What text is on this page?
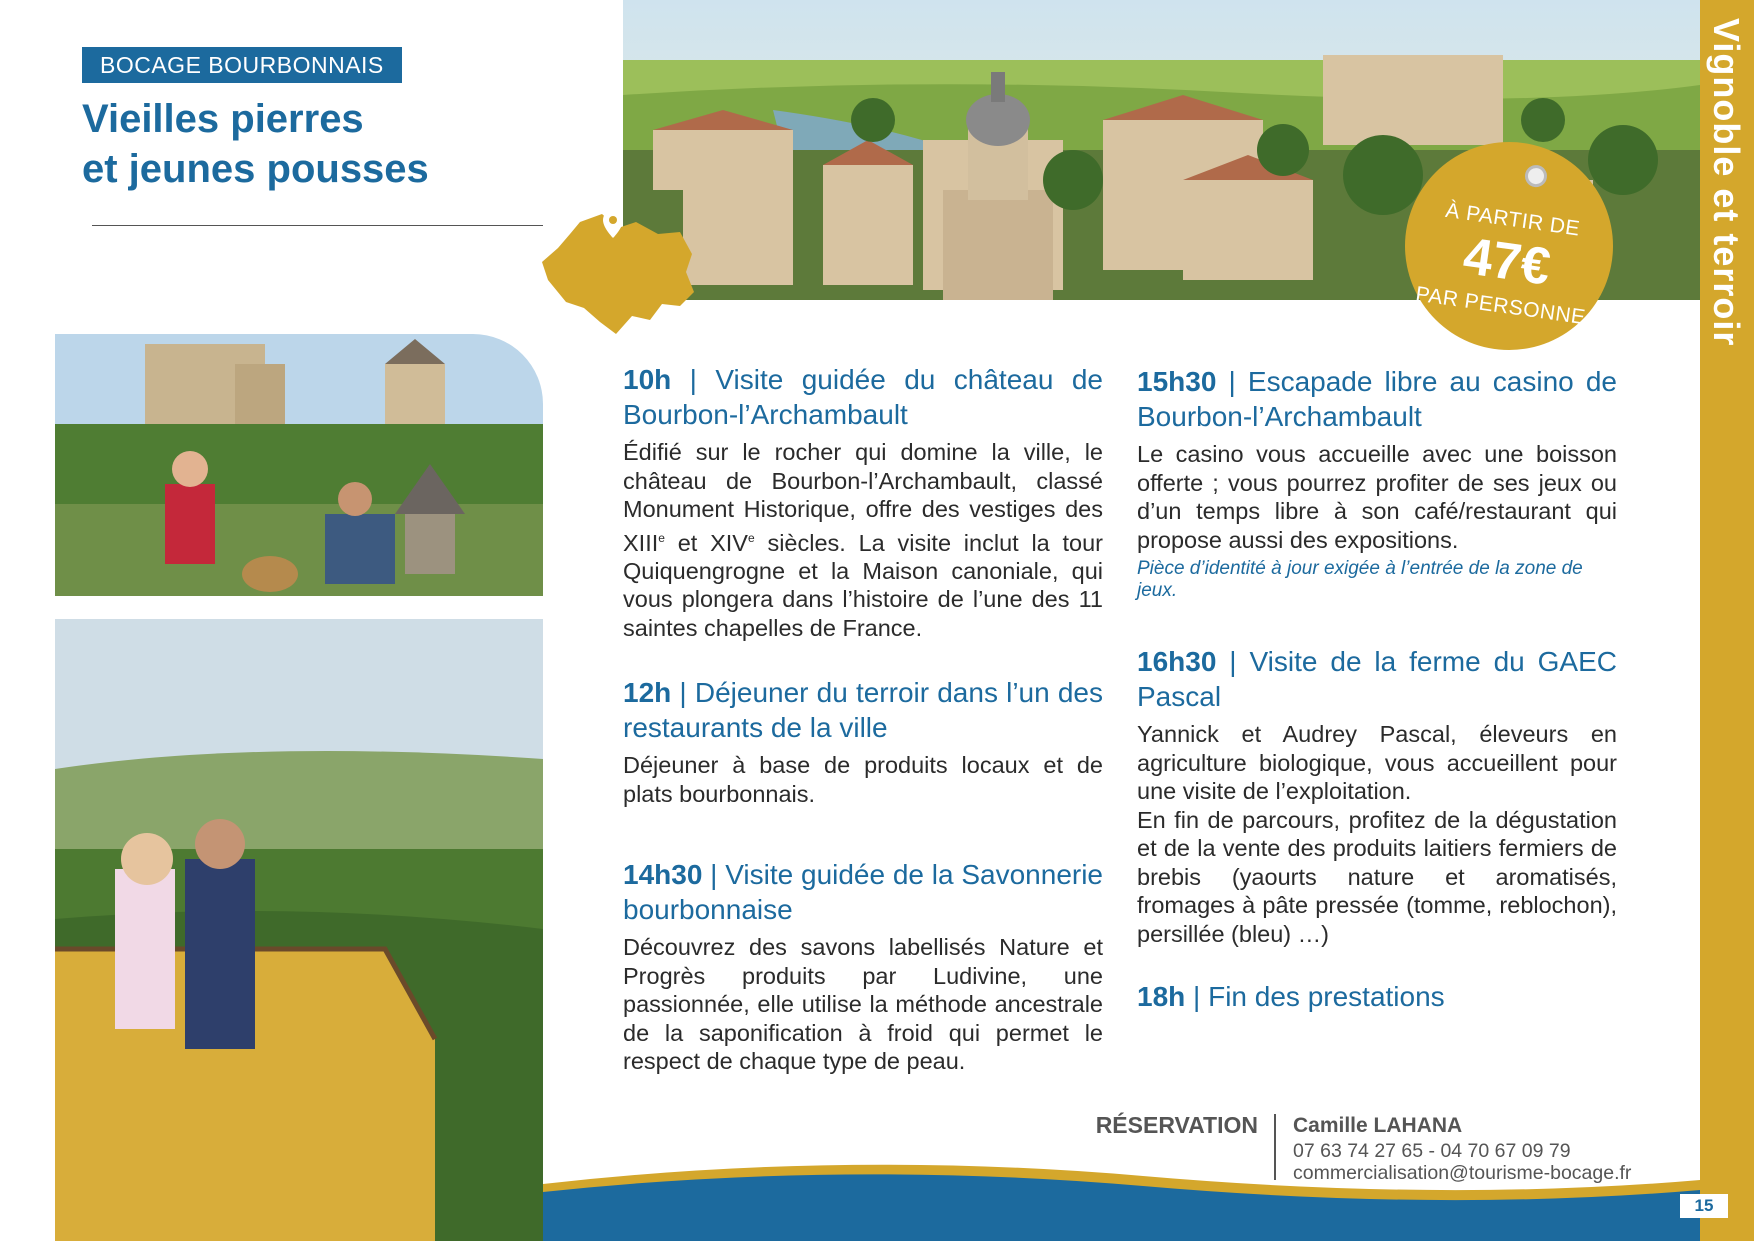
BOCAGE BOURBONNAIS
Vieilles pierres
et jeunes pousses
À PARTIR DE
47€
PAR PERSONNE
10h | Visite guidée du château de Bourbon-l’Archambault
Édifié sur le rocher qui domine la ville, le château de Bourbon-l’Archambault, classé Monument Historique, offre des vestiges des XIIIe et XIVe siècles. La visite inclut la tour Quiquengrogne et la Maison canoniale, qui vous plongera dans l’histoire de l’une des 11 saintes chapelles de France.
12h | Déjeuner du terroir dans l’un des restaurants de la ville
Déjeuner à base de produits locaux et de plats bourbonnais.
14h30 | Visite guidée de la Savonnerie bourbonnaise
Découvrez des savons labellisés Nature et Progrès produits par Ludivine, une passionnée, elle utilise la méthode ancestrale de la saponification à froid qui permet le respect de chaque type de peau.
15h30 | Escapade libre au casino de Bourbon-l’Archambault
Le casino vous accueille avec une boisson offerte ; vous pourrez profiter de ses jeux ou d’un temps libre à son café/restaurant qui propose aussi des expositions.
Pièce d’identité à jour exigée à l’entrée de la zone de jeux.
16h30 | Visite de la ferme du GAEC Pascal
Yannick et Audrey Pascal, éleveurs en agriculture biologique, vous accueillent pour une visite de l’exploitation.
En fin de parcours, profitez de la dégustation et de la vente des produits laitiers fermiers de brebis (yaourts nature et aromatisés, fromages à pâte pressée (tomme, reblochon), persillée (bleu) …)
18h | Fin des prestations
RÉSERVATION Camille LAHANA
07 63 74 27 65 - 04 70 67 09 79
commercialisation@tourisme-bocage.fr
Vignoble et terroir
15
